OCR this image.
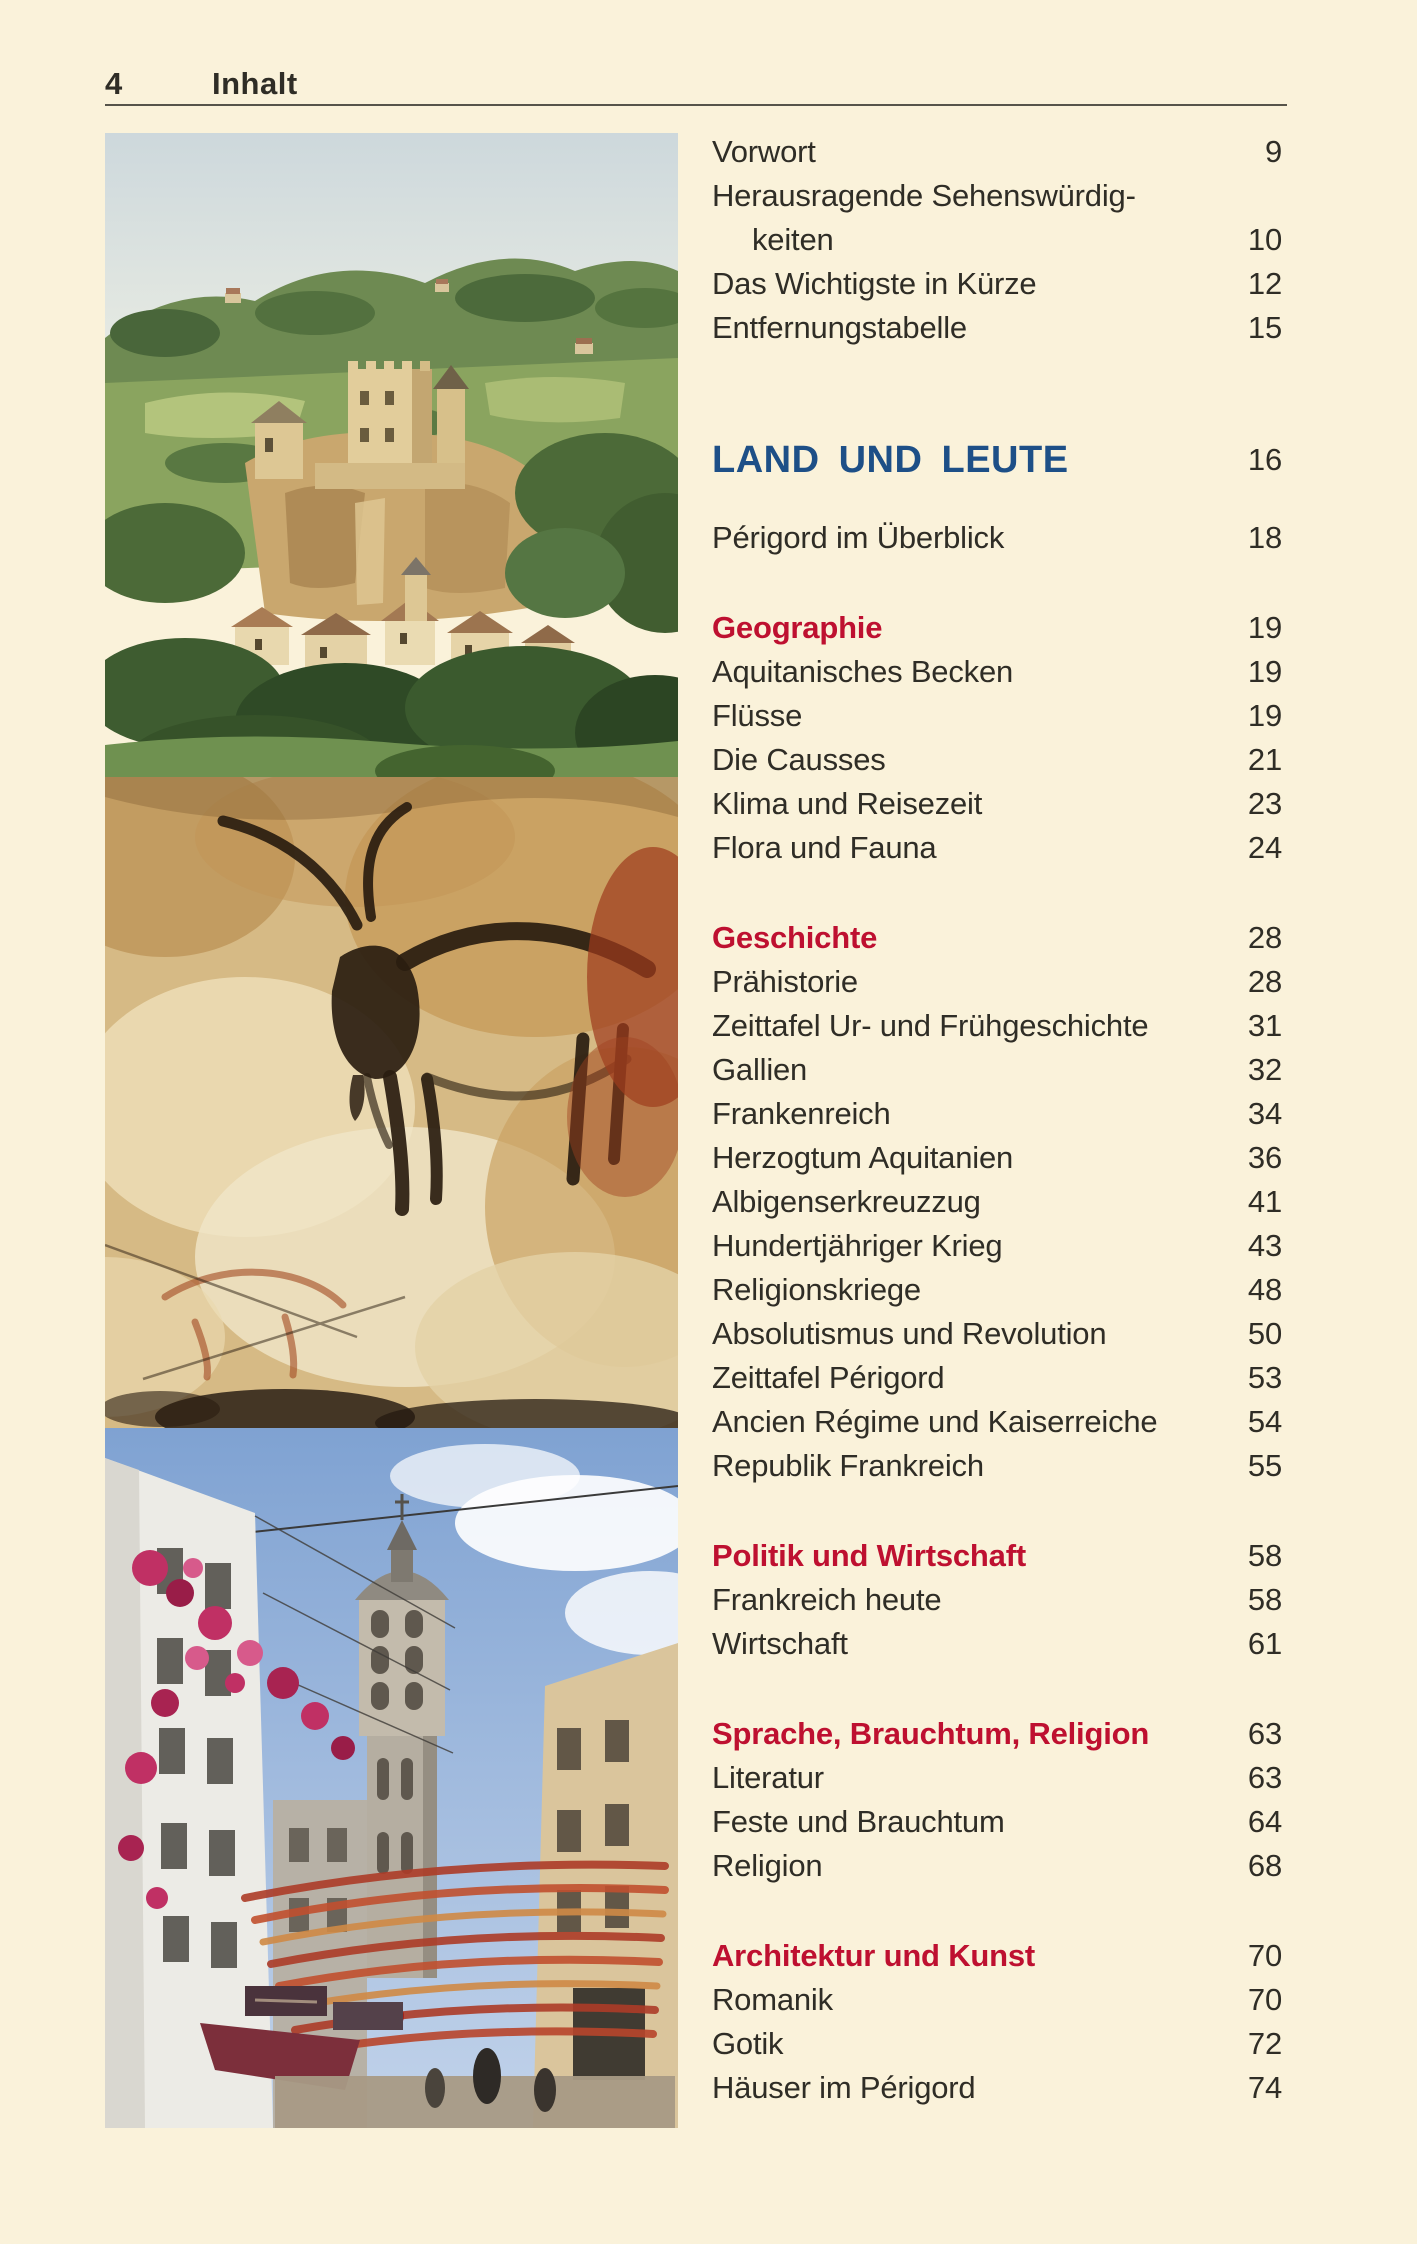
4	Inhalt
Vorwort	9
Herausragende Sehenswürdig-
keiten	10
Das Wichtigste in Kürze	12
Entfernungstabelle	15
LAND UND LEUTE	16
Périgord im Überblick	18
Geographie	19
Aquitanisches Becken	19
Flüsse	19
Die Causses	21
Klima und Reisezeit	23
Flora und Fauna	24
Geschichte	28
Prähistorie	28
Zeittafel Ur- und Frühgeschichte	31
Gallien	32
Frankenreich	34
Herzogtum Aquitanien	36
Albigenserkreuzzug	41
Hundertjähriger Krieg	43
Religionskriege	48
Absolutismus und Revolution	50
Zeittafel Périgord	53
Ancien Régime und Kaiserreiche	54
Republik Frankreich	55
Politik und Wirtschaft	58
Frankreich heute	58
Wirtschaft	61
Sprache, Brauchtum, Religion	63
Literatur	63
Feste und Brauchtum	64
Religion	68
Architektur und Kunst	70
Romanik	70
Gotik	72
Häuser im Périgord	74
